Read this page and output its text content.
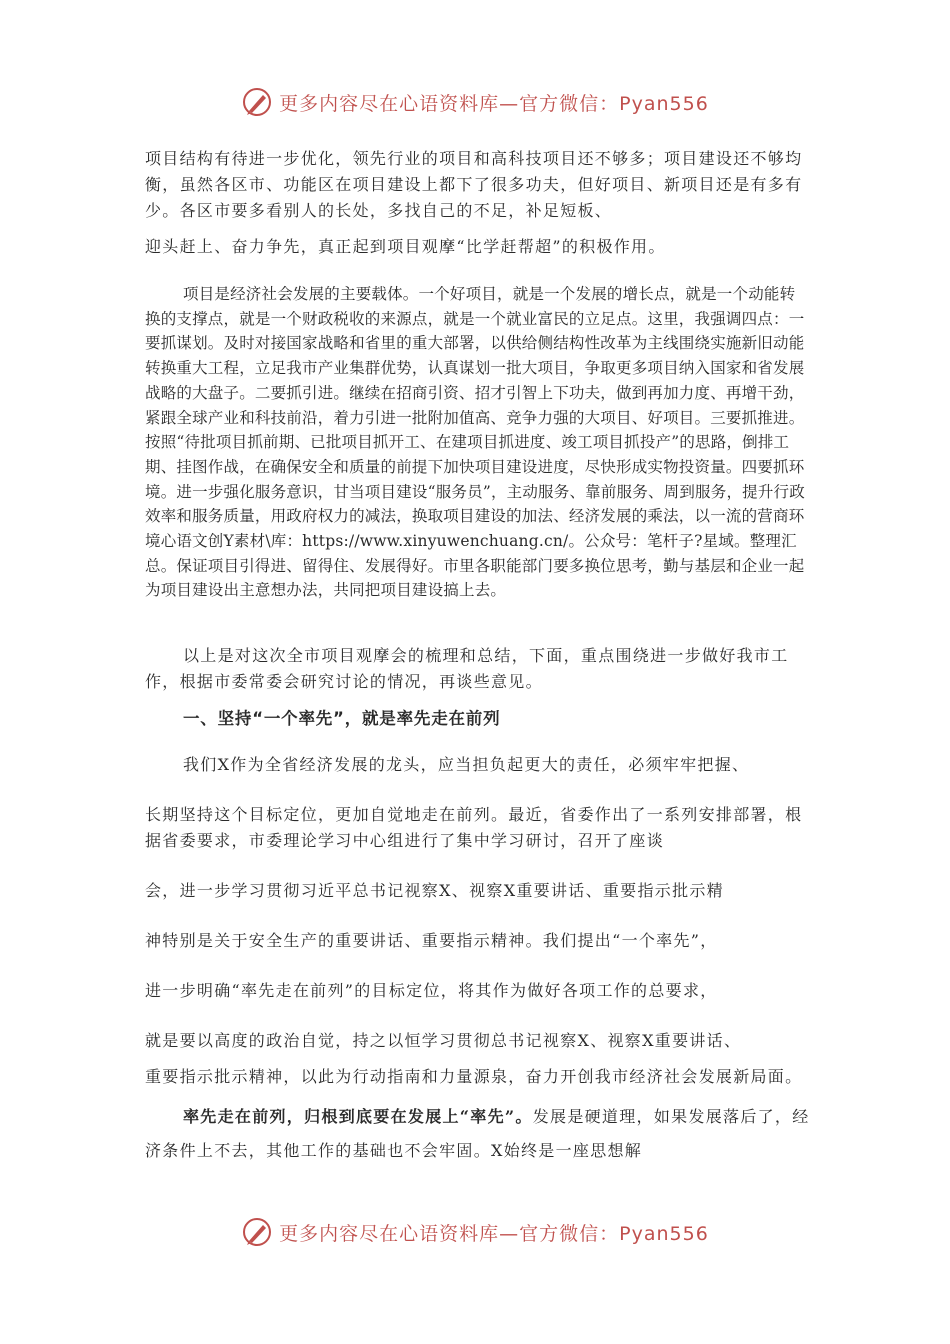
更多内容尽在心语资料库—官方微信：Pyan556

项目结构有待进一步优化，领先行业的项目和高科技项目还不够多；项目建设还不够均衡，虽然各区市、功能区在项目建设上都下了很多功夫，但好项目、新项目还是有多有少。各区市要多看别人的长处，多找自己的不足，补足短板、
迎头赶上、奋力争先，真正起到项目观摩“比学赶帮超”的积极作用。

项目是经济社会发展的主要载体。一个好项目，就是一个发展的增长点，就是一个动能转换的支撑点，就是一个财政税收的来源点，就是一个就业富民的立足点。这里，我强调四点：一要抓谋划。及时对接国家战略和省里的重大部署，以供给侧结构性改革为主线围绕实施新旧动能转换重大工程，立足我市产业集群优势，认真谋划一批大项目，争取更多项目纳入国家和省发展战略的大盘子。二要抓引进。继续在招商引资、招才引智上下功夫，做到再加力度、再增干劲，紧跟全球产业和科技前沿，着力引进一批附加值高、竞争力强的大项目、好项目。三要抓推进。按照“待批项目抓前期、已批项目抓开工、在建项目抓进度、竣工项目抓投产”的思路，倒排工期、挂图作战，在确保安全和质量的前提下加快项目建设进度，尽快形成实物投资量。四要抓环境。进一步强化服务意识，甘当项目建设“服务员”，主动服务、靠前服务、周到服务，提升行政效率和服务质量，用政府权力的减法，换取项目建设的加法、经济发展的乘法，以一流的营商环境心语文创Y素材\库：https://www.xinyuwenchuang.cn/。公众号：笔杆子?星域。整理汇总。保证项目引得进、留得住、发展得好。市里各职能部门要多换位思考，勤与基层和企业一起为项目建设出主意想办法，共同把项目建设搞上去。

以上是对这次全市项目观摩会的梳理和总结，下面，重点围绕进一步做好我市工作，根据市委常委会研究讨论的情况，再谈些意见。

一、坚持“一个率先”，就是率先走在前列

我们X作为全省经济发展的龙头，应当担负起更大的责任，必须牢牢把握、
长期坚持这个目标定位，更加自觉地走在前列。最近，省委作出了一系列安排部署，根据省委要求，市委理论学习中心组进行了集中学习研讨，召开了座谈
会，进一步学习贯彻习近平总书记视察X、视察X重要讲话、重要指示批示精
神特别是关于安全生产的重要讲话、重要指示精神。我们提出“一个率先”，
进一步明确“率先走在前列”的目标定位，将其作为做好各项工作的总要求，
就是要以高度的政治自觉，持之以恒学习贯彻总书记视察X、视察X重要讲话、
重要指示批示精神，以此为行动指南和力量源泉，奋力开创我市经济社会发展新局面。

率先走在前列，归根到底要在发展上“率先”。发展是硬道理，如果发展落后了，经济条件上不去，其他工作的基础也不会牢固。X始终是一座思想解

更多内容尽在心语资料库—官方微信：Pyan556
